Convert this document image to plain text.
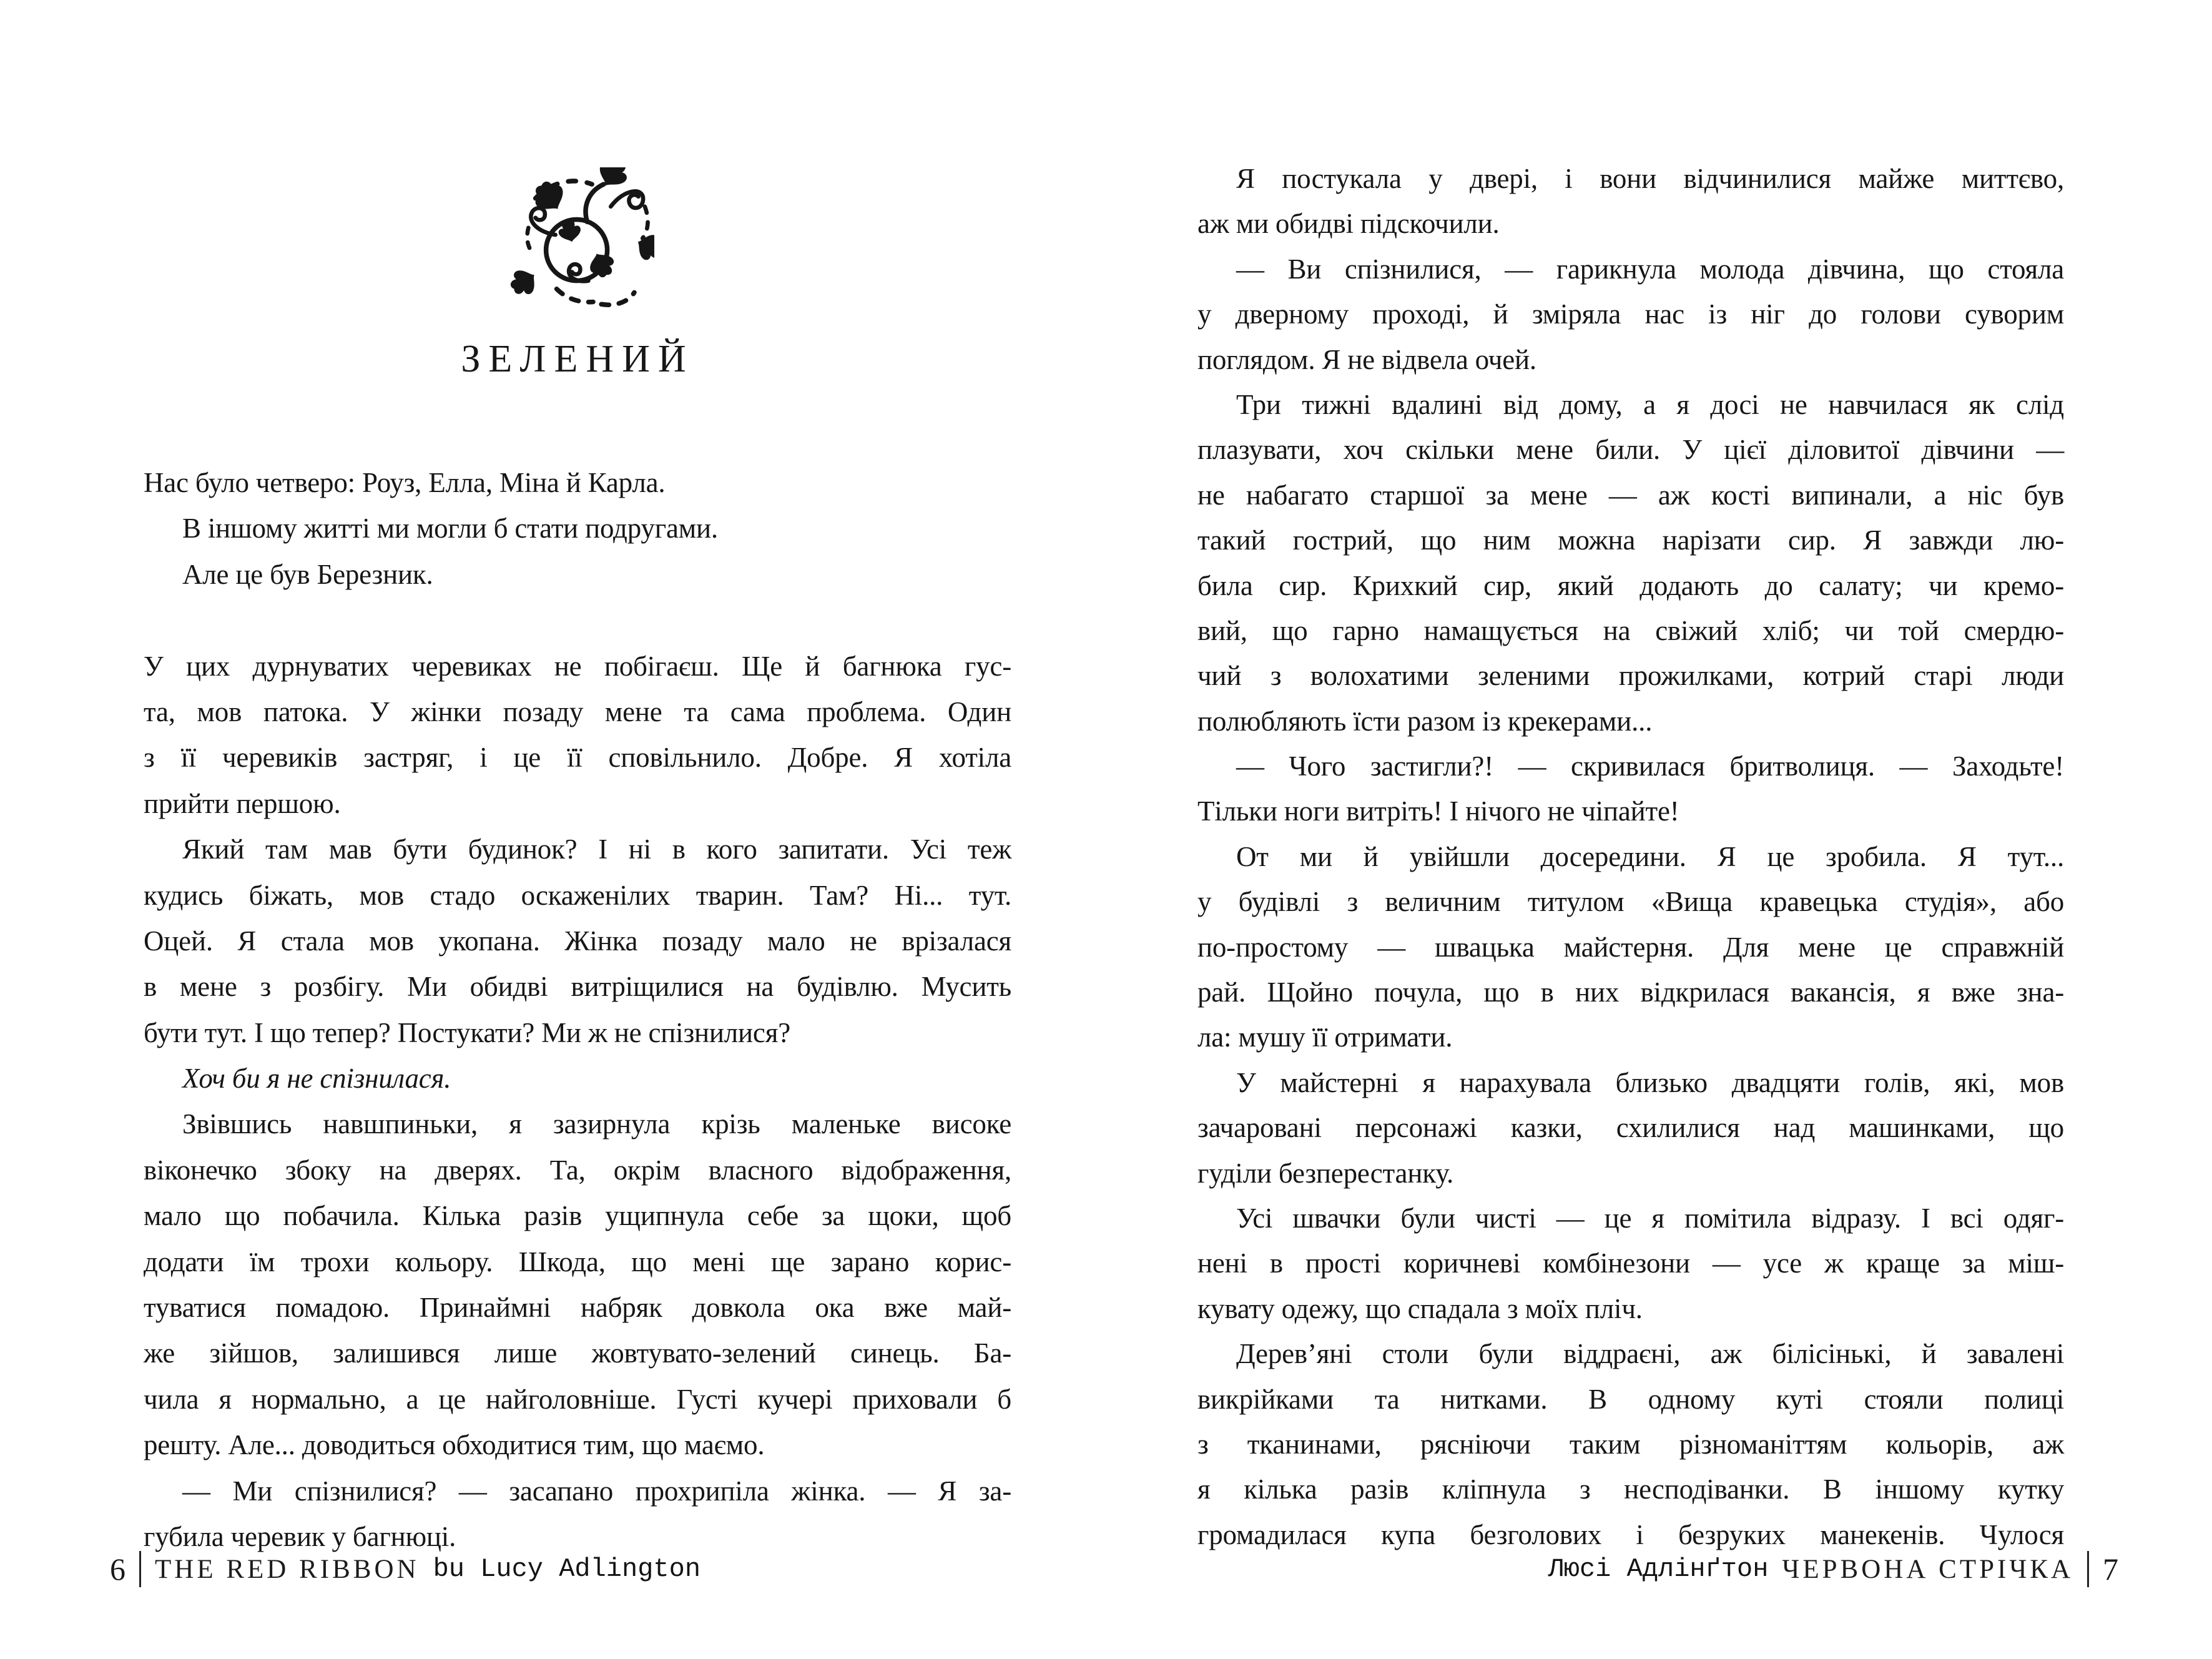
ЗЕЛЕНИЙ
Нас було четверо: Роуз, Елла, Міна й Карла.
В іншому житті ми могли б стати подругами.
Але це був Березник.
У цих дурнуватих черевиках не побігаєш. Ще й багнюка гус-
та, мов патока. У жінки позаду мене та сама проблема. Один
з її черевиків застряг, і це її сповільнило. Добре. Я хотіла
прийти першою.
Який там мав бути будинок? І ні в кого запитати. Усі теж
кудись біжать, мов стадо оскаженілих тварин. Там? Ні... тут.
Оцей. Я стала мов укопана. Жінка позаду мало не врізалася
в мене з розбігу. Ми обидві витріщилися на будівлю. Мусить
бути тут. І що тепер? Постукати? Ми ж не спізнилися?
Хоч би я не спізнилася.
Звівшись навшпиньки, я зазирнула крізь маленьке високе
віконечко збоку на дверях. Та, окрім власного відображення,
мало що побачила. Кілька разів ущипнула себе за щоки, щоб
додати їм трохи кольору. Шкода, що мені ще зарано корис-
туватися помадою. Принаймні набряк довкола ока вже май-
же зійшов, залишився лише жовтувато-зелений синець. Ба-
чила я нормально, а це найголовніше. Густі кучері приховали б
решту. Але... доводиться обходитися тим, що маємо.
— Ми спізнилися? — засапано прохрипіла жінка. — Я за-
губила черевик у багнюці.
6 THE RED RIBBON bu Lucy Adlington
Я постукала у двері, і вони відчинилися майже миттєво,
аж ми обидві підскочили.
— Ви спізнилися, — гарикнула молода дівчина, що стояла
у дверному проході, й зміряла нас із ніг до голови суворим
поглядом. Я не відвела очей.
Три тижні вдалині від дому, а я досі не навчилася як слід
плазувати, хоч скільки мене били. У цієї діловитої дівчини —
не набагато старшої за мене — аж кості випинали, а ніс був
такий гострий, що ним можна нарізати сир. Я завжди лю-
била сир. Крихкий сир, який додають до салату; чи кремо-
вий, що гарно намащується на свіжий хліб; чи той смердю-
чий з волохатими зеленими прожилками, котрий старі люди
полюбляють їсти разом із крекерами...
— Чого застигли?! — скривилася бритволиця. — Заходьте!
Тільки ноги витріть! І нічого не чіпайте!
От ми й увійшли досередини. Я це зробила. Я тут...
у будівлі з величним титулом «Вища кравецька студія», або
по-простому — швацька майстерня. Для мене це справжній
рай. Щойно почула, що в них відкрилася вакансія, я вже зна-
ла: мушу її отримати.
У майстерні я нарахувала близько двадцяти голів, які, мов
зачаровані персонажі казки, схилилися над машинками, що
гуділи безперестанку.
Усі швачки були чисті — це я помітила відразу. І всі одяг-
нені в прості коричневі комбінезони — усе ж краще за міш-
кувату одежу, що спадала з моїх пліч.
Дерев’яні столи були віддраєні, аж білісінькі, й завалені
викрійками та нитками. В одному куті стояли полиці
з тканинами, рясніючи таким різноманіттям кольорів, аж
я кілька разів кліпнула з несподіванки. В іншому кутку
громадилася купа безголових і безруких манекенів. Чулося
Люсі Адлінґтон ЧЕРВОНА СТРІЧКА 7
